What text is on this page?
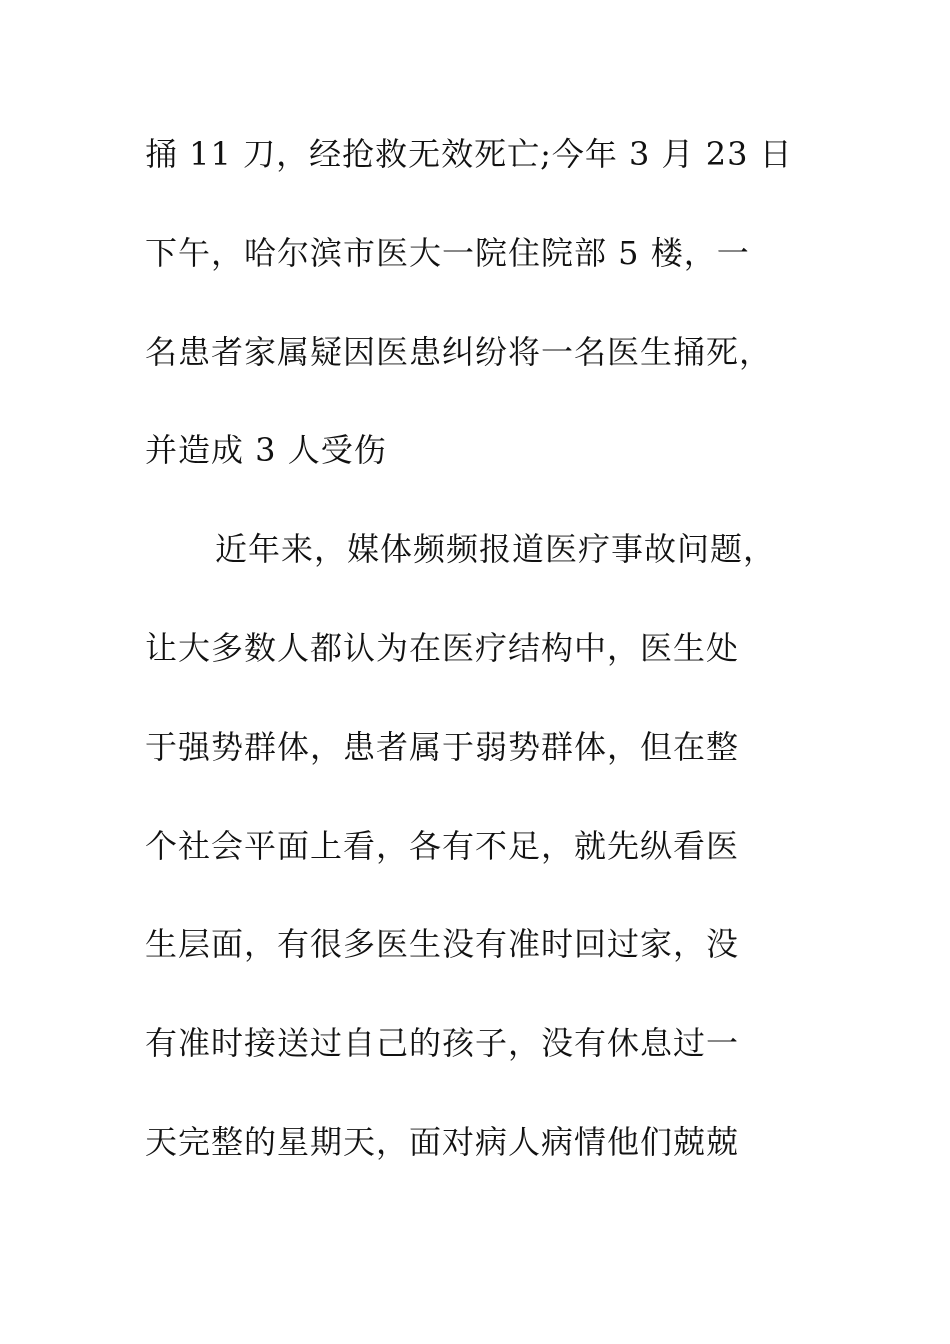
捅 11 刀，经抢救无效死亡;今年 3 月 23 日
下午，哈尔滨市医大一院住院部 5 楼，一
名患者家属疑因医患纠纷将一名医生捅死，
并造成 3 人受伤
近年来，媒体频频报道医疗事故问题，
让大多数人都认为在医疗结构中，医生处
于强势群体，患者属于弱势群体，但在整
个社会平面上看，各有不足，就先纵看医
生层面，有很多医生没有准时回过家，没
有准时接送过自己的孩子，没有休息过一
天完整的星期天，面对病人病情他们兢兢
